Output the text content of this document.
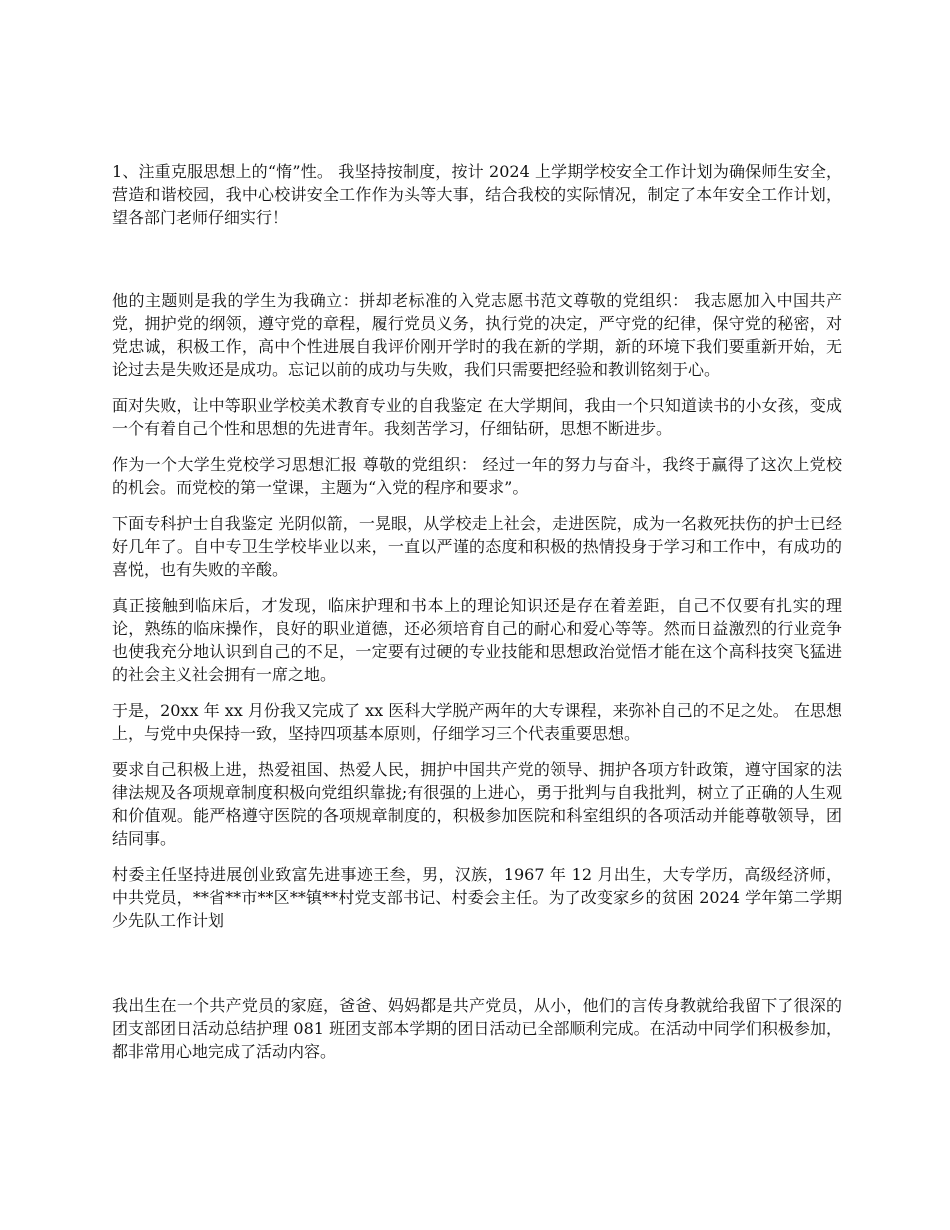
1、注重克服思想上的“惰”性。 我坚持按制度，按计 2024 上学期学校安全工作计划为确保师生安全，营造和谐校园，我中心校讲安全工作作为头等大事，结合我校的实际情况，制定了本年安全工作计划，望各部门老师仔细实行！

他的主题则是我的学生为我确立：拼却老标准的入党志愿书范文尊敬的党组织： 我志愿加入中国共产党，拥护党的纲领，遵守党的章程，履行党员义务，执行党的决定，严守党的纪律，保守党的秘密，对党忠诚，积极工作，高中个性进展自我评价刚开学时的我在新的学期，新的环境下我们要重新开始，无论过去是失败还是成功。忘记以前的成功与失败，我们只需要把经验和教训铭刻于心。

面对失败，让中等职业学校美术教育专业的自我鉴定 在大学期间，我由一个只知道读书的小女孩，变成一个有着自己个性和思想的先进青年。我刻苦学习，仔细钻研，思想不断进步。

作为一个大学生党校学习思想汇报 尊敬的党组织： 经过一年的努力与奋斗，我终于赢得了这次上党校的机会。而党校的第一堂课，主题为“入党的程序和要求”。

下面专科护士自我鉴定 光阴似箭，一晃眼，从学校走上社会，走进医院，成为一名救死扶伤的护士已经好几年了。自中专卫生学校毕业以来，一直以严谨的态度和积极的热情投身于学习和工作中，有成功的喜悦，也有失败的辛酸。

真正接触到临床后，才发现，临床护理和书本上的理论知识还是存在着差距，自己不仅要有扎实的理论，熟练的临床操作，良好的职业道德，还必须培育自己的耐心和爱心等等。然而日益激烈的行业竞争也使我充分地认识到自己的不足，一定要有过硬的专业技能和思想政治觉悟才能在这个高科技突飞猛进的社会主义社会拥有一席之地。

于是，20xx 年 xx 月份我又完成了 xx 医科大学脱产两年的大专课程，来弥补自己的不足之处。 在思想上，与党中央保持一致，坚持四项基本原则，仔细学习三个代表重要思想。

要求自己积极上进，热爱祖国、热爱人民，拥护中国共产党的领导、拥护各项方针政策，遵守国家的法律法规及各项规章制度积极向党组织靠拢;有很强的上进心，勇于批判与自我批判，树立了正确的人生观和价值观。能严格遵守医院的各项规章制度的，积极参加医院和科室组织的各项活动并能尊敬领导，团结同事。

村委主任坚持进展创业致富先进事迹王叁，男，汉族，1967 年 12 月出生，大专学历，高级经济师，中共党员，**省**市**区**镇**村党支部书记、村委会主任。为了改变家乡的贫困 2024 学年第二学期少先队工作计划

我出生在一个共产党员的家庭，爸爸、妈妈都是共产党员，从小，他们的言传身教就给我留下了很深的团支部团日活动总结护理 081 班团支部本学期的团日活动已全部顺利完成。在活动中同学们积极参加，都非常用心地完成了活动内容。
